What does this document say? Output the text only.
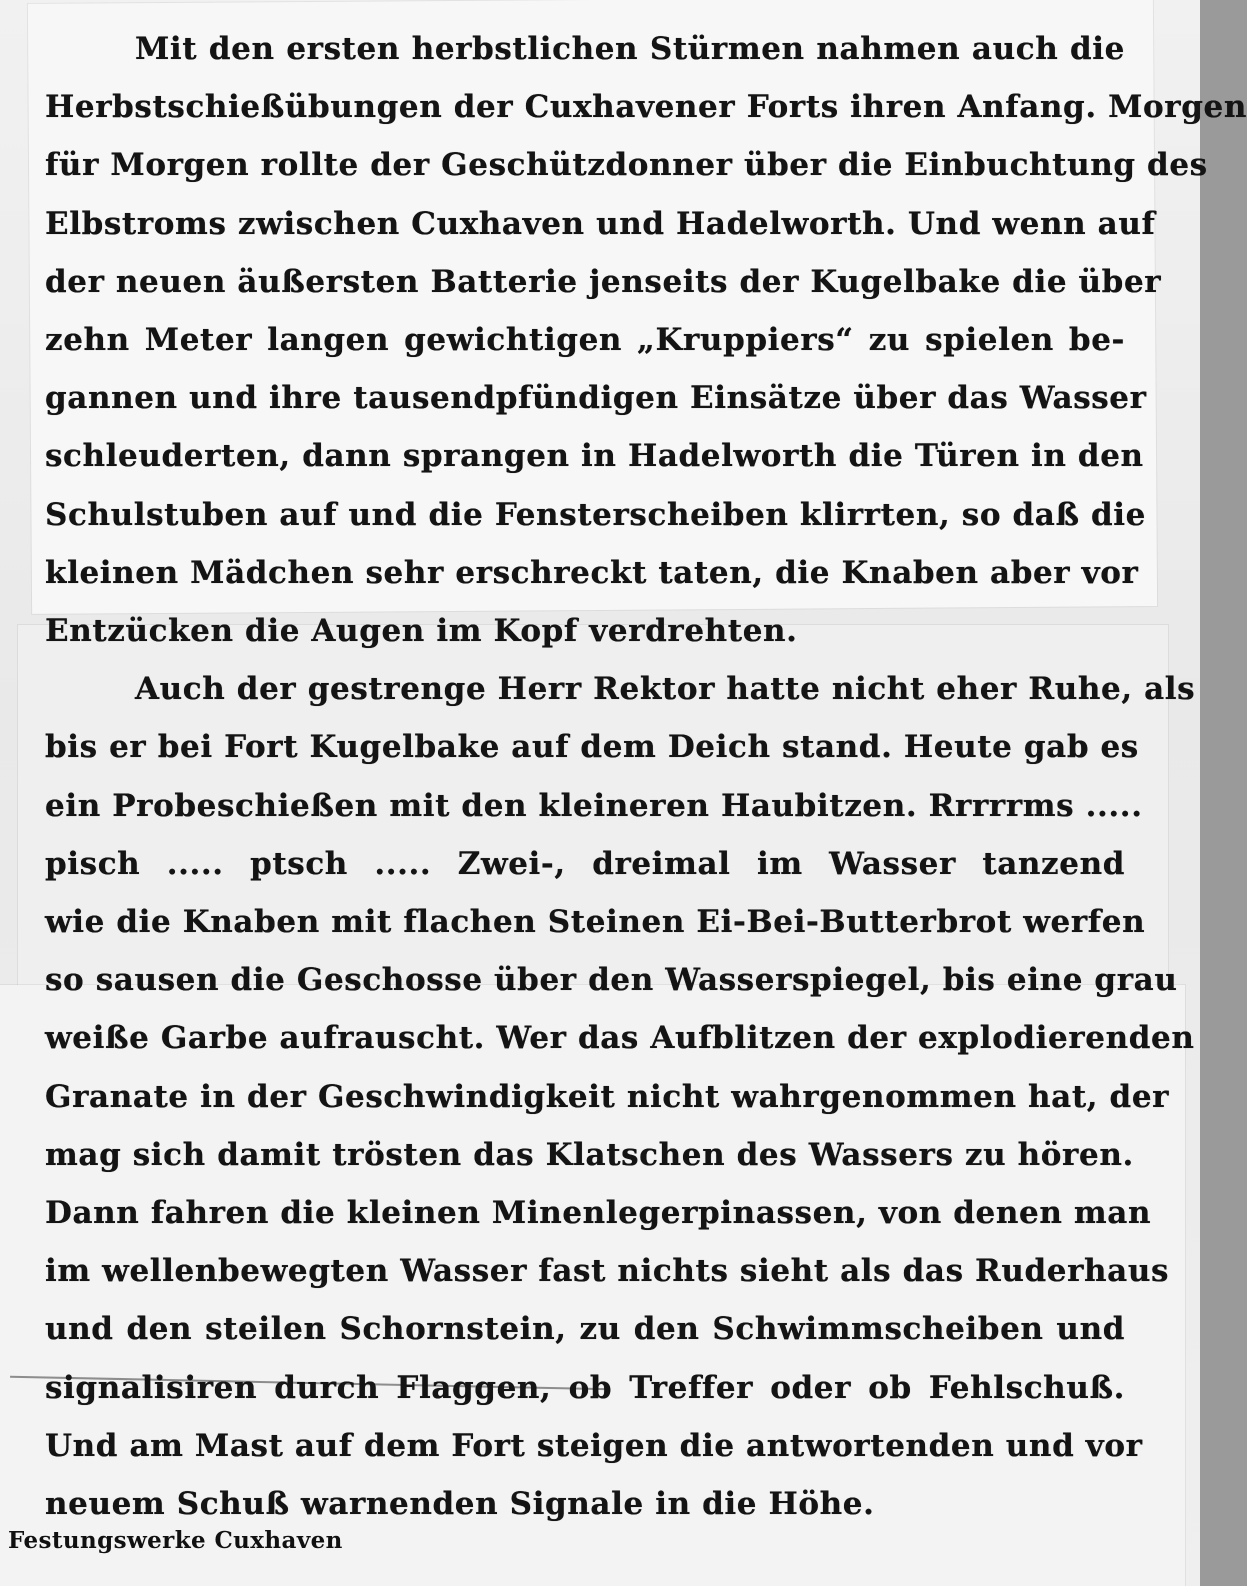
Mit den ersten herbstlichen Stürmen nahmen auch die
Herbstschießübungen der Cuxhavener Forts ihren Anfang. Morgen
für Morgen rollte der Geschützdonner über die Einbuchtung des
Elbstroms zwischen Cuxhaven und Hadelworth. Und wenn auf
der neuen äußersten Batterie jenseits der Kugelbake die über
zehn Meter langen gewichtigen „Kruppiers“ zu spielen be-
gannen und ihre tausendpfündigen Einsätze über das Wasser
schleuderten, dann sprangen in Hadelworth die Türen in den
Schulstuben auf und die Fensterscheiben klirrten, so daß die
kleinen Mädchen sehr erschreckt taten, die Knaben aber vor
Entzücken die Augen im Kopf verdrehten.
Auch der gestrenge Herr Rektor hatte nicht eher Ruhe, als
bis er bei Fort Kugelbake auf dem Deich stand. Heute gab es
ein Probeschießen mit den kleineren Haubitzen. Rrrrrms .....
pisch ..... ptsch ..... Zwei-, dreimal im Wasser tanzend
wie die Knaben mit flachen Steinen Ei-Bei-Butterbrot werfen
so sausen die Geschosse über den Wasserspiegel, bis eine grau
weiße Garbe aufrauscht. Wer das Aufblitzen der explodierenden
Granate in der Geschwindigkeit nicht wahrgenommen hat, der
mag sich damit trösten das Klatschen des Wassers zu hören.
Dann fahren die kleinen Minenlegerpinassen, von denen man
im wellenbewegten Wasser fast nichts sieht als das Ruderhaus
und den steilen Schornstein, zu den Schwimmscheiben und
signalisiren durch Flaggen, ob Treffer oder ob Fehlschuß.
Und am Mast auf dem Fort steigen die antwortenden und vor
neuem Schuß warnenden Signale in die Höhe.
Festungswerke Cuxhaven
